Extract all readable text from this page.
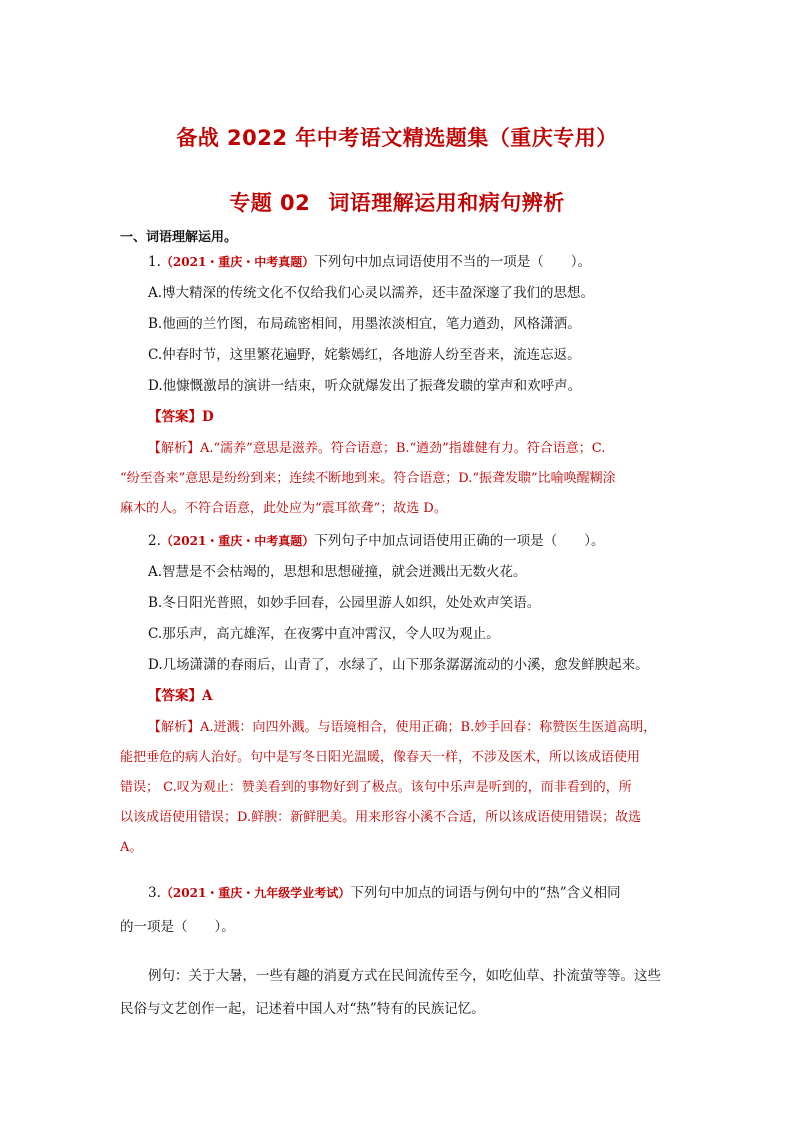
备战 2022 年中考语文精选题集（重庆专用）
专题 02 词语理解运用和病句辨析
一、词语理解运用。
1.（2021・重庆・中考真题）下列句中加点词语使用不当的一项是（　　）。
A.博大精深的传统文化不仅给我们心灵以濡养，还丰盈深邃了我们的思想。
B.他画的兰竹图，布局疏密相间，用墨浓淡相宜，笔力遒劲，风格潇洒。
C.仲春时节，这里繁花遍野，姹紫嫣红，各地游人纷至沓来，流连忘返。
D.他慷慨激昂的演讲一结束，听众就爆发出了振聋发聩的掌声和欢呼声。
【答案】D
【解析】A.“濡养”意思是滋养。符合语意；B.“遒劲”指雄健有力。符合语意；C.
“纷至沓来”意思是纷纷到来；连续不断地到来。符合语意；D.“振聋发聩”比喻唤醒糊涂
麻木的人。不符合语意，此处应为“震耳欲聋”；故选 D。
2.（2021・重庆・中考真题）下列句子中加点词语使用正确的一项是（　　）。
A.智慧是不会枯竭的，思想和思想碰撞，就会迸溅出无数火花。
B.冬日阳光普照，如妙手回春，公园里游人如织，处处欢声笑语。
C.那乐声，高亢雄浑，在夜雾中直冲霄汉，令人叹为观止。
D.几场潇潇的春雨后，山青了，水绿了，山下那条潺潺流动的小溪，愈发鲜腴起来。
【答案】A
【解析】A.迸溅：向四外溅。与语境相合，使用正确；B.妙手回春：称赞医生医道高明，
能把垂危的病人治好。句中是写冬日阳光温暖，像春天一样，不涉及医术，所以该成语使用
错误； C.叹为观止：赞美看到的事物好到了极点。该句中乐声是听到的，而非看到的，所
以该成语使用错误；D.鲜腴：新鲜肥美。用来形容小溪不合适，所以该成语使用错误；故选
A。
3.（2021・重庆・九年级学业考试）下列句中加点的词语与例句中的“热”含义相同
的一项是（　　）。
例句：关于大暑，一些有趣的消夏方式在民间流传至今，如吃仙草、扑流萤等等。这些
民俗与文艺创作一起，记述着中国人对“热”特有的民族记忆。
